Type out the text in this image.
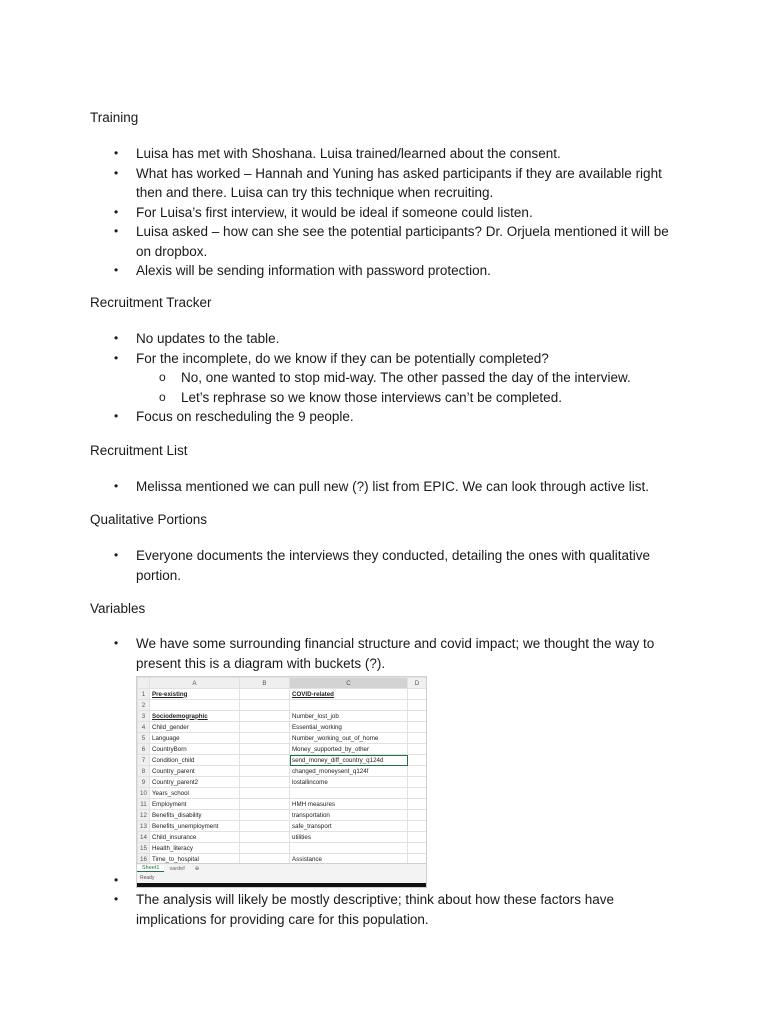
Training
• Luisa has met with Shoshana. Luisa trained/learned about the consent.
• What has worked – Hannah and Yuning has asked participants if they are available right then and there. Luisa can try this technique when recruiting.
• For Luisa’s first interview, it would be ideal if someone could listen.
• Luisa asked – how can she see the potential participants? Dr. Orjuela mentioned it will be on dropbox.
• Alexis will be sending information with password protection.
Recruitment Tracker
• No updates to the table.
• For the incomplete, do we know if they can be potentially completed?
o No, one wanted to stop mid-way. The other passed the day of the interview.
o Let’s rephrase so we know those interviews can’t be completed.
• Focus on rescheduling the 9 people.
Recruitment List
• Melissa mentioned we can pull new (?) list from EPIC. We can look through active list.
Qualitative Portions
• Everyone documents the interviews they conducted, detailing the ones with qualitative portion.
Variables
• We have some surrounding financial structure and covid impact; we thought the way to present this is a diagram with buckets (?).
•
• The analysis will likely be mostly descriptive; think about how these factors have implications for providing care for this population.
	A	B	C	D
1	Pre-existing		COVID-related	
2				
3	Sociodemographic		Number_lost_job	
4	Child_gender		Essential_working	
5	Language		Number_working_out_of_home	
6	CountryBorn		Money_supported_by_other	
7	Condition_child		send_money_diff_country_q124d	
8	Country_parent		changed_moneysent_q124f	
9	Country_parent2		lostallincome	
10	Years_school			
11	Employment		HMH measures	
12	Benefits_disability		transportation	
13	Benefits_unemployment		safe_transport	
14	Child_insurance		utilities	
15	Health_literacy			
16	Time_to_hospital		Assistance	
Sheet1	vardef	⊕
Ready
